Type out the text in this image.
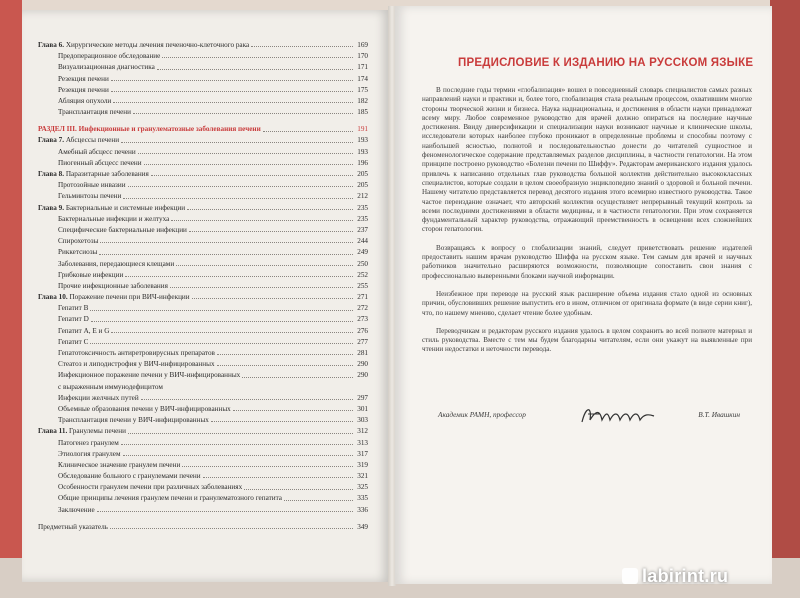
Глава 6. Хирургические методы лечения печеночно-клеточного рака	169
Предоперационное обследование	170
Визуализационная диагностика	171
Резекция печени	174
Резекция печени	175
Абляция опухоли	182
Трансплантация печени	185
РАЗДЕЛ III. Инфекционные и гранулематозные заболевания печени	191
Глава 7. Абсцессы печени	193
Амебный абсцесс печени	193
Пиогенный абсцесс печени	196
Глава 8. Паразитарные заболевания	205
Протозойные инвазии	205
Гельминтозы печени	212
Глава 9. Бактериальные и системные инфекции	235
Бактериальные инфекции и желтуха	235
Специфические бактериальные инфекции	237
Спирохетозы	244
Риккетсиозы	249
Заболевания, передающиеся клещами	250
Грибковые инфекции	252
Прочие инфекционные заболевания	255
Глава 10. Поражение печени при ВИЧ-инфекции	271
Гепатит B	272
Гепатит D	273
Гепатит A, E и G	276
Гепатит C	277
Гепатотоксичность антиретровирусных препаратов	281
Стеатоз и липодистрофия у ВИЧ-инфицированных	290
Инфекционное поражение печени у ВИЧ-инфицированных	290
с выраженным иммунодефицитом
Инфекции желчных путей	297
Объемные образования печени у ВИЧ-инфицированных	301
Трансплантация печени у ВИЧ-инфицированных	303
Глава 11. Гранулемы печени	312
Патогенез гранулем	313
Этиология гранулем	317
Клиническое значение гранулем печени	319
Обследование больного с гранулемами печени	321
Особенности гранулем печени при различных заболеваниях	325
Общие принципы лечения гранулем печени и гранулематозного гепатита	335
Заключение	336
Предметный указатель	349
ПРЕДИСЛОВИЕ К ИЗДАНИЮ НА РУССКОМ ЯЗЫКЕ

В последние годы термин «глобализация» вошел в повседневный словарь специалистов самых разных направлений науки и практики и, более того, глобализация стала реальным процессом, охватившим многие стороны творческой жизни и бизнеса. Наука наднациональна, и достижения в области науки принадлежат всему миру. Любое современное руководство для врачей должно опираться на последние научные достижения. Ввиду диверсификации и специализации науки возникают научные и клинические школы, исследователи которых наиболее глубоко проникают в определенные проблемы и способны поэтому с наибольшей ясностью, полнотой и последовательностью донести до читателей сущностное и феноменологическое содержание представляемых разделов дисциплины, в частности гепатологии. На этом принципе построено руководство «Болезни печени по Шиффу». Редакторам американского издания удалось привлечь к написанию отдельных глав руководства большой коллектив действительно высококлассных специалистов, которые создали в целом своеобразную энциклопедию знаний о здоровой и больной печени. Нашему читателю представляется перевод десятого издания этого всемирно известного руководства. Такое частое переиздание означает, что авторский коллектив осуществляет непрерывный текущий контроль за всеми последними достижениями в области медицины, и в частности гепатологии. При этом сохраняется фундаментальный характер руководства, отражающий преемственность в освещении всех сложнейших сторон гепатологии.

Возвращаясь к вопросу о глобализации знаний, следует приветствовать решение издателей предоставить нашим врачам руководство Шиффа на русском языке. Тем самым для врачей и научных работников значительно расширяются возможности, позволяющие сопоставить свои знания с профессионально выверенными блоками научной информации.

Неизбежное при переводе на русский язык расширение объема издания стало одной из основных причин, обусловивших решение выпустить его в ином, отличном от оригинала формате (в виде серии книг), что, по нашему мнению, сделает чтение более удобным.

Переводчикам и редакторам русского издания удалось в целом сохранить во всей полноте материал и стиль руководства. Вместе с тем мы будем благодарны читателям, если они укажут на выявленные при чтении недостатки и неточности перевода.

Академик РАМН, профессор	В.Т. Ивашкин
labirint.ru
